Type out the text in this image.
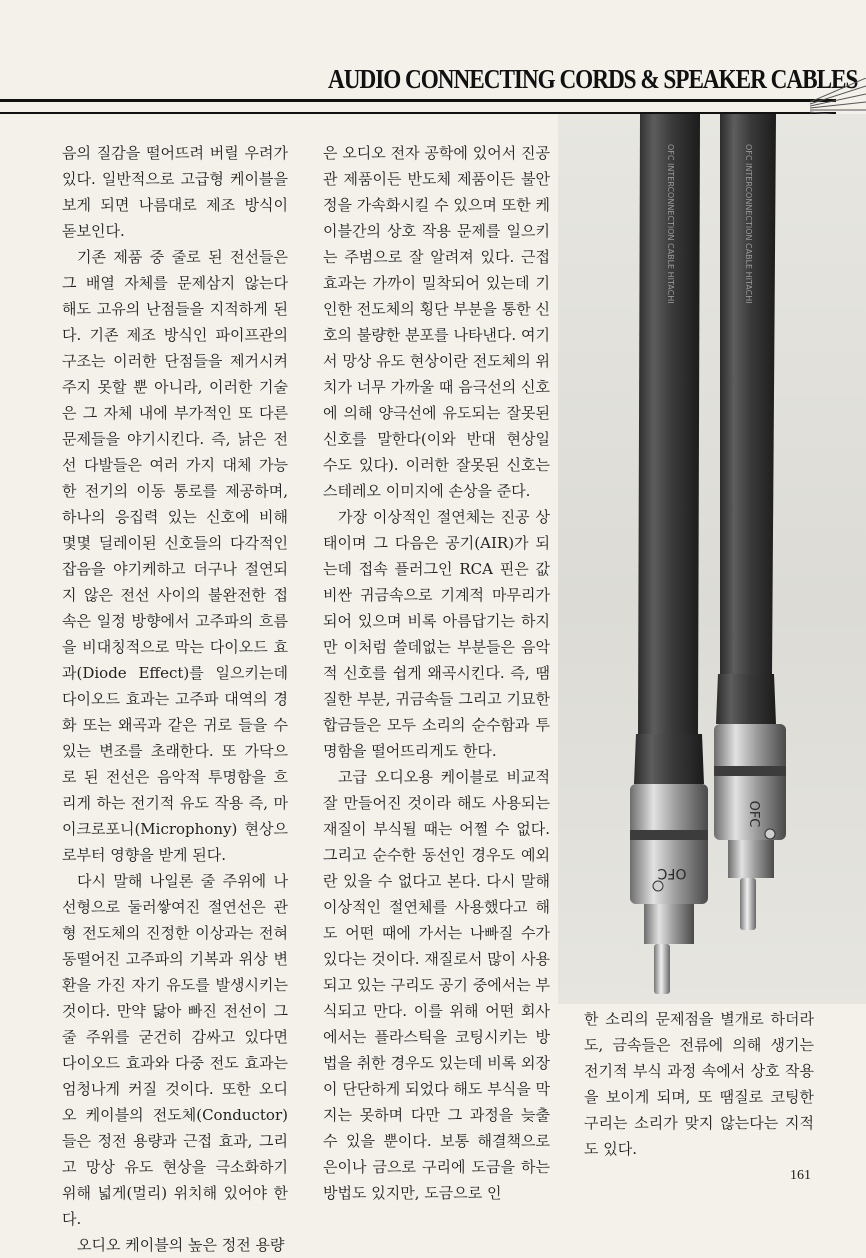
AUDIO CONNECTING CORDS & SPEAKER CABLES

음의 질감을 떨어뜨려 버릴 우려가 있다. 일반적으로 고급형 케이블을 보게 되면 나름대로 제조 방식이 돋보인다.

기존 제품 중 줄로 된 전선들은 그 배열 자체를 문제삼지 않는다 해도 고유의 난점들을 지적하게 된다. 기존 제조 방식인 파이프관의 구조는 이러한 단점들을 제거시켜 주지 못할 뿐 아니라, 이러한 기술은 그 자체 내에 부가적인 또 다른 문제들을 야기시킨다. 즉, 낡은 전선 다발들은 여러 가지 대체 가능한 전기의 이동 통로를 제공하며, 하나의 응집력 있는 신호에 비해 몇몇 딜레이된 신호들의 다각적인 잡음을 야기케하고 더구나 절연되지 않은 전선 사이의 불완전한 접속은 일정 방향에서 고주파의 흐름을 비대칭적으로 막는 다이오드 효과(Diode Effect)를 일으키는데 다이오드 효과는 고주파 대역의 경화 또는 왜곡과 같은 귀로 들을 수 있는 변조를 초래한다. 또 가닥으로 된 전선은 음악적 투명함을 흐리게 하는 전기적 유도 작용 즉, 마이크로포니(Microphony) 현상으로부터 영향을 받게 된다.

다시 말해 나일론 줄 주위에 나선형으로 둘러쌓여진 절연선은 관형 전도체의 진정한 이상과는 전혀 동떨어진 고주파의 기복과 위상 변환을 가진 자기 유도를 발생시키는 것이다. 만약 닳아 빠진 전선이 그 줄 주위를 굳건히 감싸고 있다면 다이오드 효과와 다중 전도 효과는 엄청나게 커질 것이다. 또한 오디오 케이블의 전도체(Conductor)들은 정전 용량과 근접 효과, 그리고 망상 유도 현상을 극소화하기 위해 넓게(멀리) 위치해 있어야 한다.

오디오 케이블의 높은 정전 용량

은 오디오 전자 공학에 있어서 진공관 제품이든 반도체 제품이든 불안정을 가속화시킬 수 있으며 또한 케이블간의 상호 작용 문제를 일으키는 주범으로 잘 알려져 있다. 근접 효과는 가까이 밀착되어 있는데 기인한 전도체의 횡단 부분을 통한 신호의 불량한 분포를 나타낸다. 여기서 망상 유도 현상이란 전도체의 위치가 너무 가까울 때 음극선의 신호에 의해 양극선에 유도되는 잘못된 신호를 말한다(이와 반대 현상일 수도 있다). 이러한 잘못된 신호는 스테레오 이미지에 손상을 준다.

가장 이상적인 절연체는 진공 상태이며 그 다음은 공기(AIR)가 되는데 접속 플러그인 RCA 핀은 값비싼 귀금속으로 기계적 마무리가 되어 있으며 비록 아름답기는 하지만 이처럼 쓸데없는 부분들은 음악적 신호를 쉽게 왜곡시킨다. 즉, 땜질한 부분, 귀금속들 그리고 기묘한 합금들은 모두 소리의 순수함과 투명함을 떨어뜨리게도 한다.

고급 오디오용 케이블로 비교적 잘 만들어진 것이라 해도 사용되는 재질이 부식될 때는 어쩔 수 없다. 그리고 순수한 동선인 경우도 예외란 있을 수 없다고 본다. 다시 말해 이상적인 절연체를 사용했다고 해도 어떤 때에 가서는 나빠질 수가 있다는 것이다. 재질로서 많이 사용되고 있는 구리도 공기 중에서는 부식되고 만다. 이를 위해 어떤 회사에서는 플라스틱을 코팅시키는 방법을 취한 경우도 있는데 비록 외장이 단단하게 되었다 해도 부식을 막지는 못하며 다만 그 과정을 늦출 수 있을 뿐이다. 보통 해결책으로 은이나 금으로 구리에 도금을 하는 방법도 있지만, 도금으로 인

OFC INTERCONNECTION CABLE HITACHI	OFC INTERCONNECTION CABLE HITACHI
OFC
OFC

한 소리의 문제점을 별개로 하더라도, 금속들은 전류에 의해 생기는 전기적 부식 과정 속에서 상호 작용을 보이게 되며, 또 땜질로 코팅한 구리는 소리가 맞지 않는다는 지적도 있다.

161
